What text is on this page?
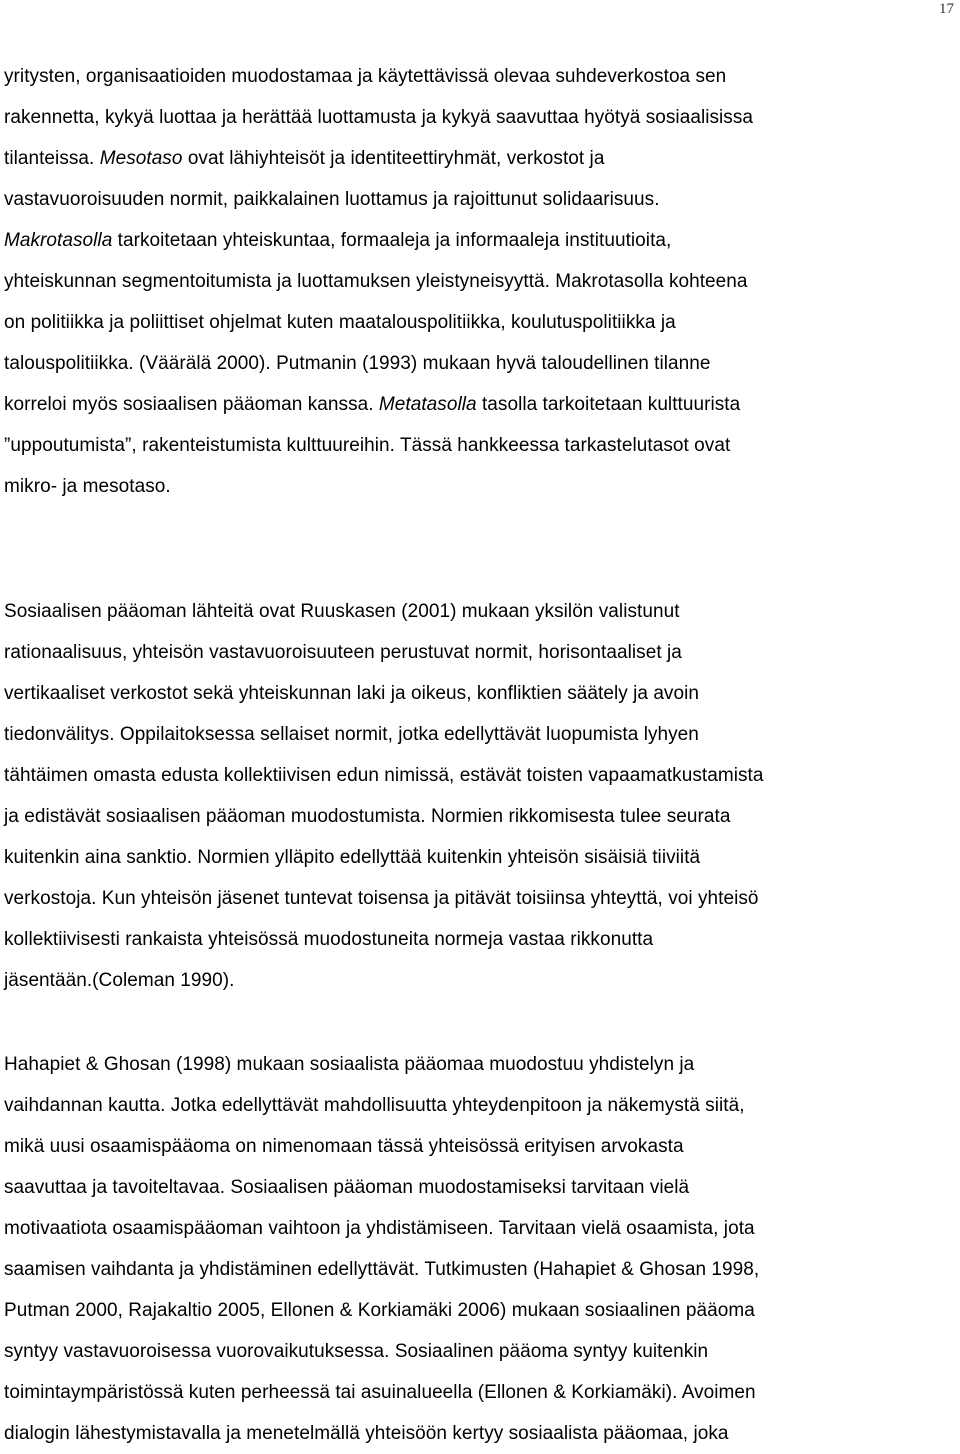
17
yritysten, organisaatioiden muodostamaa ja käytettävissä olevaa suhdeverkostoa sen
rakennetta, kykyä luottaa ja herättää luottamusta ja kykyä saavuttaa hyötyä sosiaalisissa
tilanteissa. Mesotaso ovat lähiyhteisöt ja identiteettiryhmät, verkostot ja
vastavuoroisuuden normit, paikkalainen luottamus ja rajoittunut solidaarisuus.
Makrotasolla tarkoitetaan yhteiskuntaa, formaaleja ja informaaleja instituutioita,
yhteiskunnan segmentoitumista ja luottamuksen yleistyneisyyttä. Makrotasolla kohteena
on politiikka ja poliittiset ohjelmat kuten maatalouspolitiikka, koulutuspolitiikka ja
talouspolitiikka. (Väärälä 2000). Putmanin (1993) mukaan hyvä taloudellinen tilanne
korreloi myös sosiaalisen pääoman kanssa. Metatasolla tasolla tarkoitetaan kulttuurista
”uppoutumista”, rakenteistumista kulttuureihin. Tässä hankkeessa tarkastelutasot ovat
mikro- ja mesotaso.
Sosiaalisen pääoman lähteitä ovat Ruuskasen (2001) mukaan yksilön valistunut
rationaalisuus, yhteisön vastavuoroisuuteen perustuvat normit, horisontaaliset ja
vertikaaliset verkostot sekä yhteiskunnan laki ja oikeus, konfliktien säätely ja avoin
tiedonvälitys. Oppilaitoksessa sellaiset normit, jotka edellyttävät luopumista lyhyen
tähtäimen omasta edusta kollektiivisen edun nimissä, estävät toisten vapaamatkustamista
ja edistävät sosiaalisen pääoman muodostumista. Normien rikkomisesta tulee seurata
kuitenkin aina sanktio. Normien ylläpito edellyttää kuitenkin yhteisön sisäisiä tiiviitä
verkostoja. Kun yhteisön jäsenet tuntevat toisensa ja pitävät toisiinsa yhteyttä, voi yhteisö
kollektiivisesti rankaista yhteisössä muodostuneita normeja vastaa rikkonutta
jäsentään.(Coleman 1990).
Hahapiet & Ghosan (1998) mukaan sosiaalista pääomaa muodostuu yhdistelyn ja
vaihdannan kautta. Jotka edellyttävät mahdollisuutta yhteydenpitoon ja näkemystä siitä,
mikä uusi osaamispääoma on nimenomaan tässä yhteisössä erityisen arvokasta
saavuttaa ja tavoiteltavaa. Sosiaalisen pääoman muodostamiseksi tarvitaan vielä
motivaatiota osaamispääoman vaihtoon ja yhdistämiseen. Tarvitaan vielä osaamista, jota
saamisen vaihdanta ja yhdistäminen edellyttävät. Tutkimusten (Hahapiet & Ghosan 1998,
Putman 2000, Rajakaltio 2005, Ellonen & Korkiamäki 2006) mukaan sosiaalinen pääoma
syntyy vastavuoroisessa vuorovaikutuksessa. Sosiaalinen pääoma syntyy kuitenkin
toimintaympäristössä kuten perheessä tai asuinalueella (Ellonen & Korkiamäki). Avoimen
dialogin lähestymistavalla ja menetelmällä yhteisöön kertyy sosiaalista pääomaa, joka
